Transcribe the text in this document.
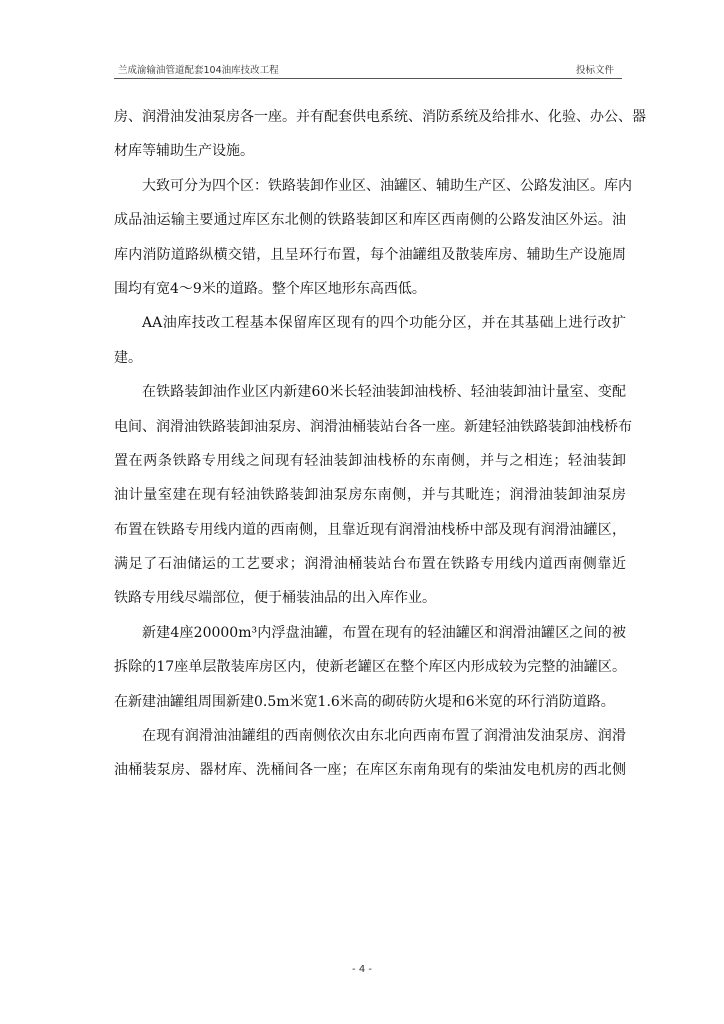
兰成渝输油管道配套104油库技改工程	投标文件
房、润滑油发油泵房各一座。并有配套供电系统、消防系统及给排水、化验、办公、器
材库等辅助生产设施。
大致可分为四个区：铁路装卸作业区、油罐区、辅助生产区、公路发油区。库内
成品油运输主要通过库区东北侧的铁路装卸区和库区西南侧的公路发油区外运。油
库内消防道路纵横交错，且呈环行布置，每个油罐组及散装库房、辅助生产设施周
围均有宽4～9米的道路。整个库区地形东高西低。
AA油库技改工程基本保留库区现有的四个功能分区，并在其基础上进行改扩
建。
在铁路装卸油作业区内新建60米长轻油装卸油栈桥、轻油装卸油计量室、变配
电间、润滑油铁路装卸油泵房、润滑油桶装站台各一座。新建轻油铁路装卸油栈桥布
置在两条铁路专用线之间现有轻油装卸油栈桥的东南侧，并与之相连；轻油装卸
油计量室建在现有轻油铁路装卸油泵房东南侧，并与其毗连；润滑油装卸油泵房
布置在铁路专用线内道的西南侧，且靠近现有润滑油栈桥中部及现有润滑油罐区，
满足了石油储运的工艺要求；润滑油桶装站台布置在铁路专用线内道西南侧靠近
铁路专用线尽端部位，便于桶装油品的出入库作业。
新建4座20000m³内浮盘油罐，布置在现有的轻油罐区和润滑油罐区之间的被
拆除的17座单层散装库房区内，使新老罐区在整个库区内形成较为完整的油罐区。
在新建油罐组周围新建0.5m米宽1.6米高的砌砖防火堤和6米宽的环行消防道路。
在现有润滑油油罐组的西南侧依次由东北向西南布置了润滑油发油泵房、润滑
油桶装泵房、器材库、洗桶间各一座；在库区东南角现有的柴油发电机房的西北侧
- 4 -
